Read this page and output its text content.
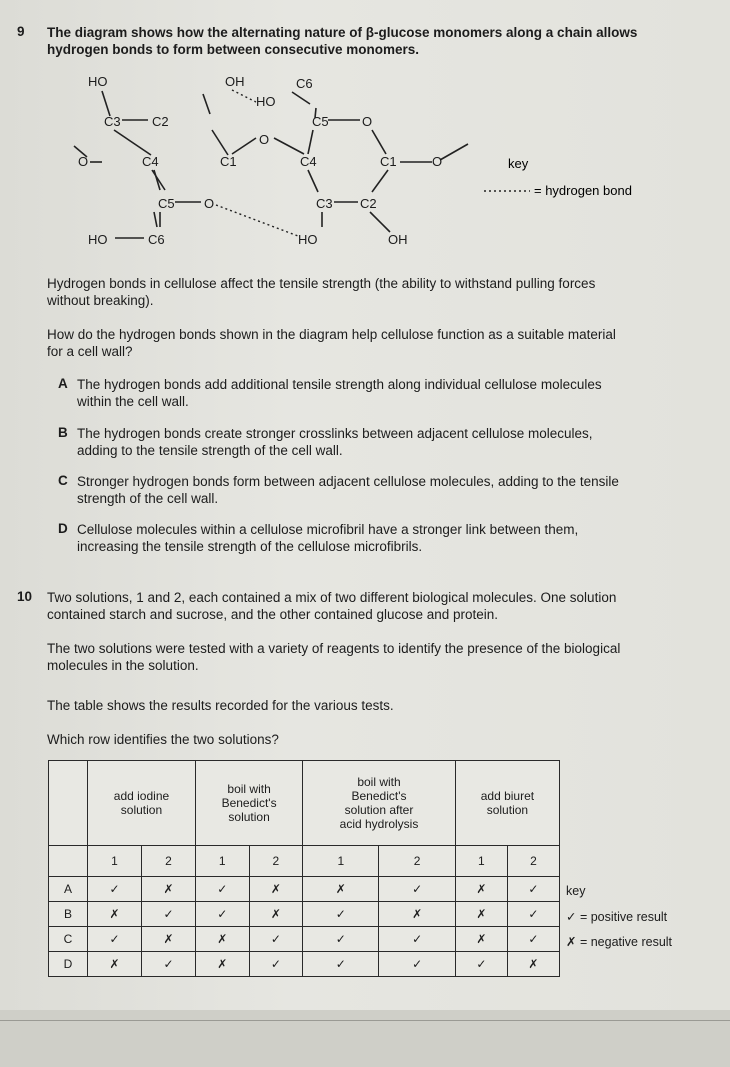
9 The diagram shows how the alternating nature of β-glucose monomers along a chain allows
hydrogen bonds to form between consecutive monomers.
HO	OH
HO
C6
C3 C2	C5	O
O
O	C4	C1	C4	C1	O
C5 O	C3 C2
HO	C6	HO	OH
key
= hydrogen bond
Hydrogen bonds in cellulose affect the tensile strength (the ability to withstand pulling forces
without breaking).
How do the hydrogen bonds shown in the diagram help cellulose function as a suitable material
for a cell wall?
A The hydrogen bonds add additional tensile strength along individual cellulose molecules
within the cell wall.
B The hydrogen bonds create stronger crosslinks between adjacent cellulose molecules,
adding to the tensile strength of the cell wall.
C Stronger hydrogen bonds form between adjacent cellulose molecules, adding to the tensile
strength of the cell wall.
D Cellulose molecules within a cellulose microfibril have a stronger link between them,
increasing the tensile strength of the cellulose microfibrils.
10 Two solutions, 1 and 2, each contained a mix of two different biological molecules. One solution
contained starch and sucrose, and the other contained glucose and protein.
The two solutions were tested with a variety of reagents to identify the presence of the biological
molecules in the solution.
The table shows the results recorded for the various tests.
Which row identifies the two solutions?
	add iodine
solution		boil with
Benedict's
solution		boil with
Benedict's
solution after
acid hydrolysis		add biuret
solution	
	1	2	1	2	1	2	1	2
A	✓	✗	✓	✗	✗	✓	✗	✓
B	✗	✓	✓	✗	✓	✗	✗	✓
C	✓	✗	✗	✓	✓	✓	✗	✓
D	✗	✓	✗	✓	✓	✓	✓	✗
key
✓ = positive result
✗ = negative result
